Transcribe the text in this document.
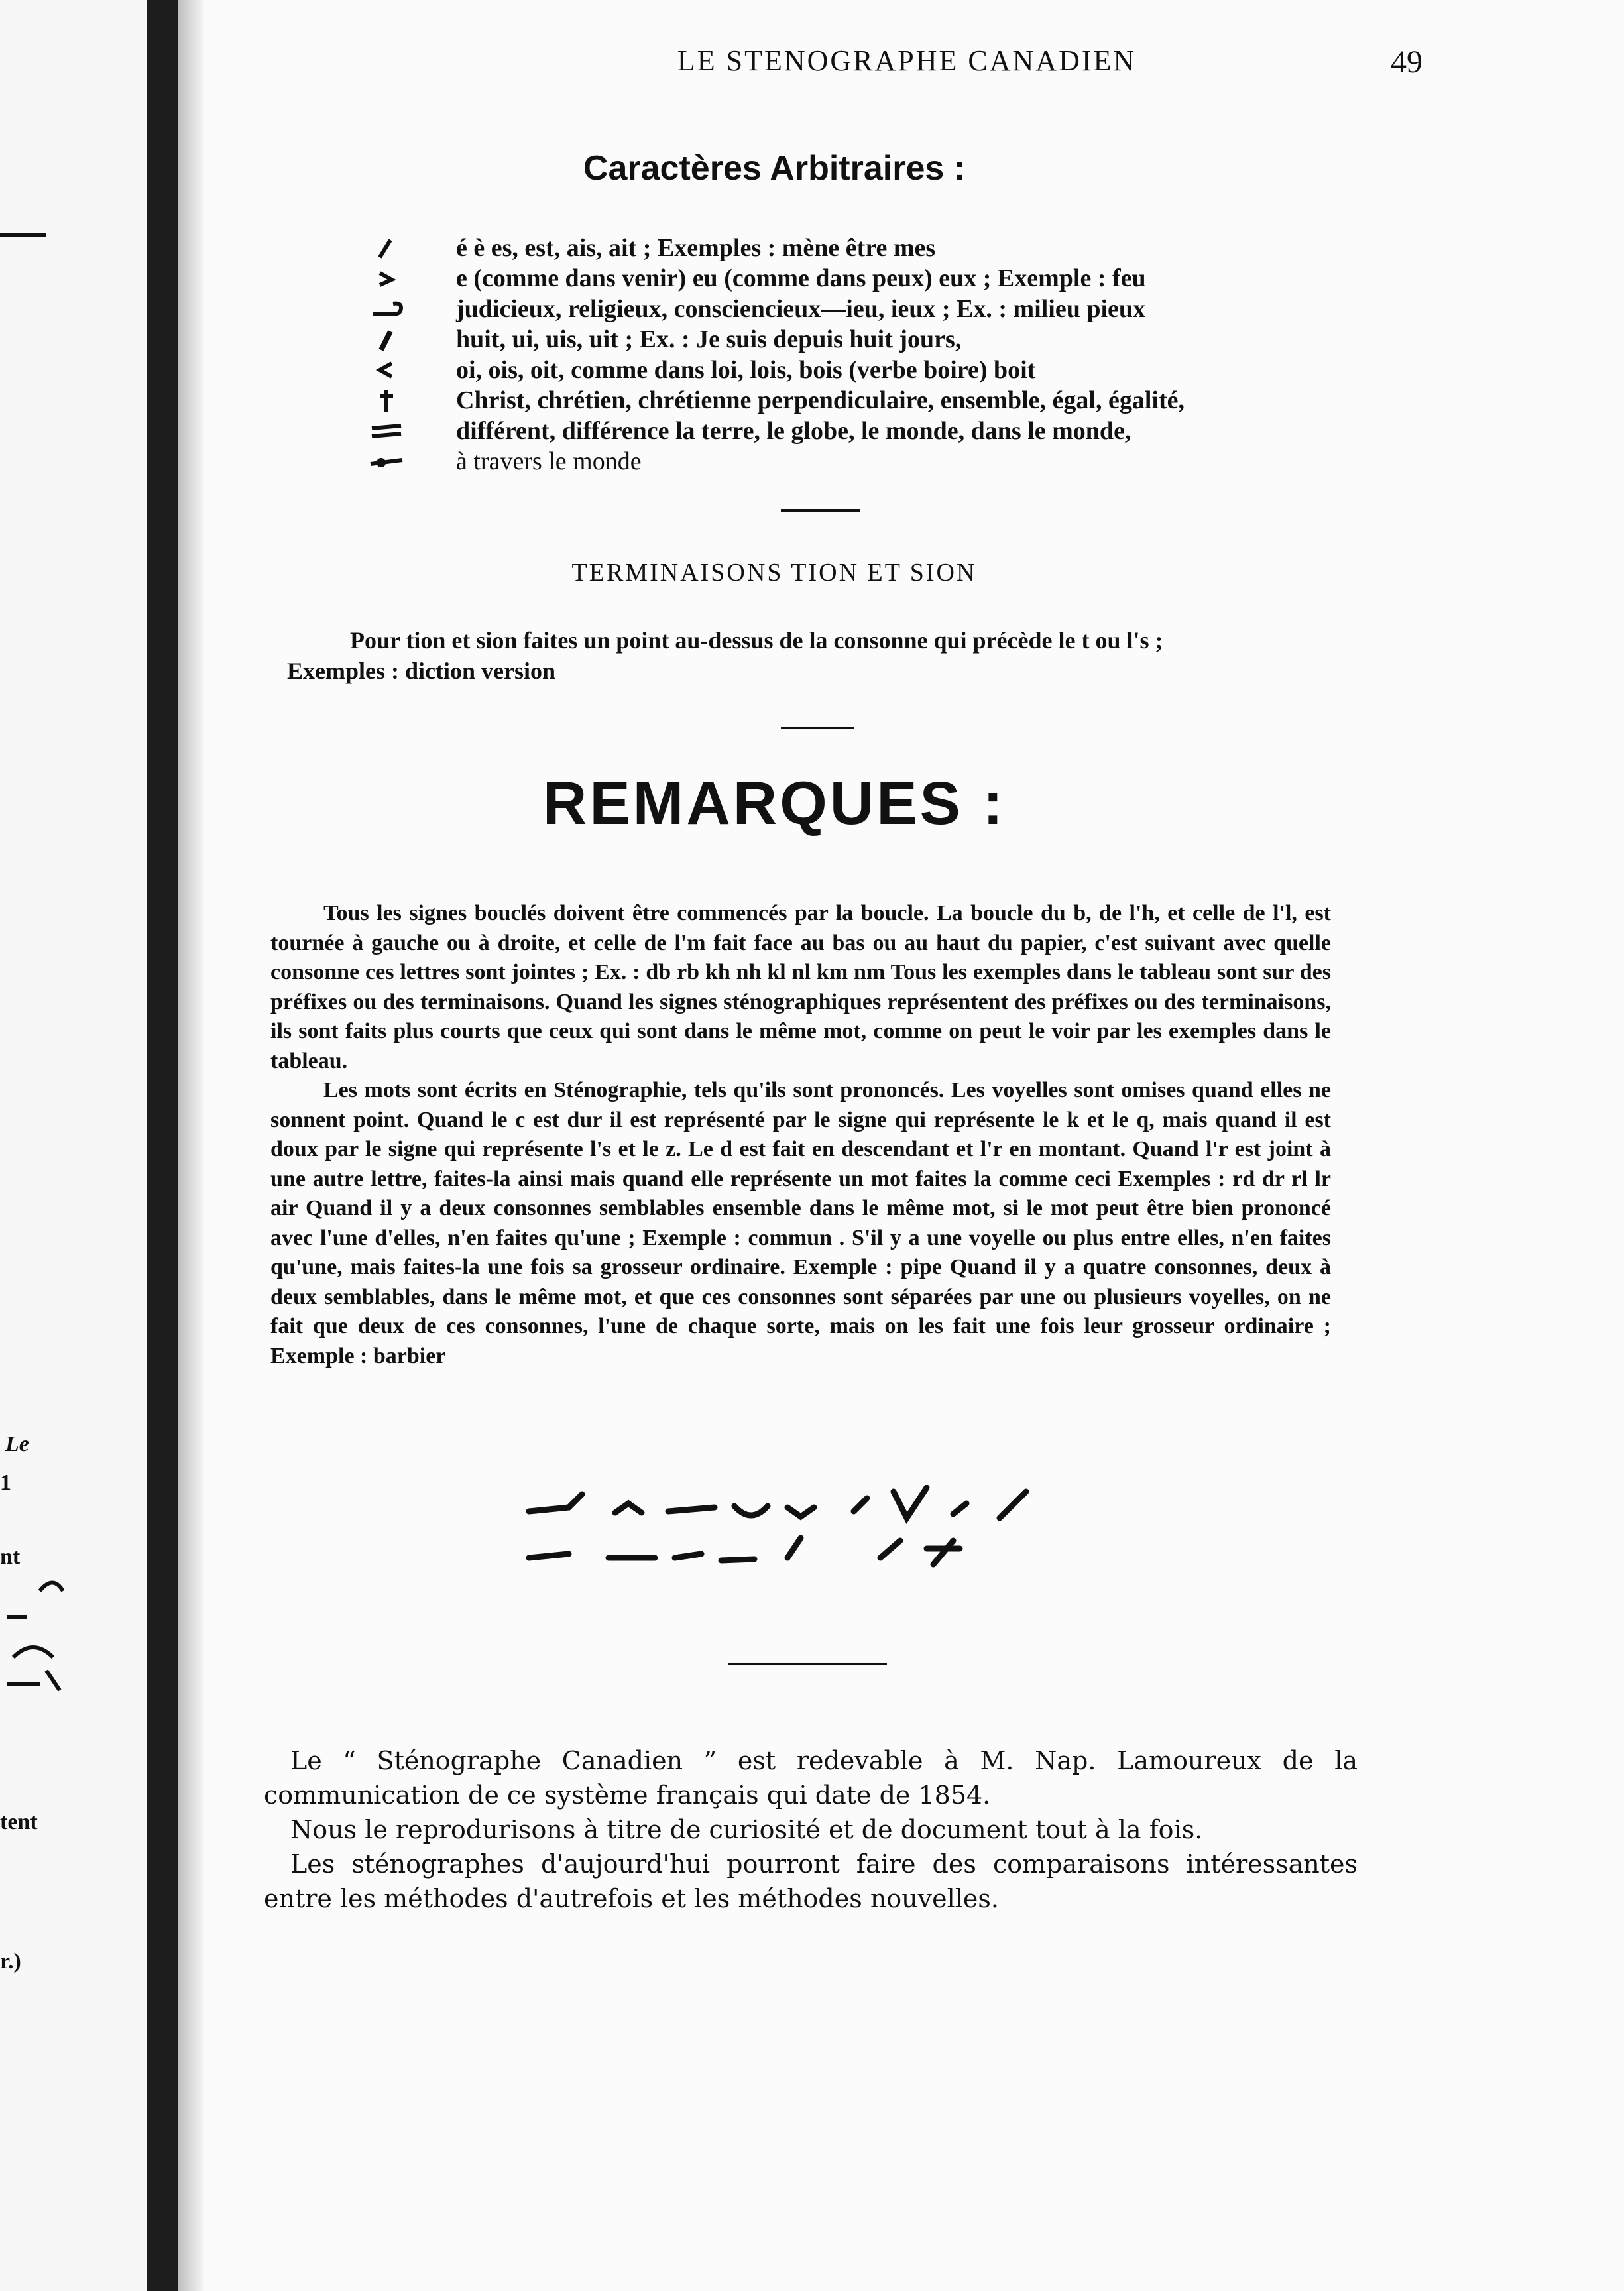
Le
1
nt
tent
r.)
LE STENOGRAPHE CANADIEN	49
Caractères Arbitraires :
é è es, est, ais, ait ; Exemples : mène être mes
e (comme dans venir) eu (comme dans peux) eux ; Exemple : feu
judicieux, religieux, consciencieux—ieu, ieux ; Ex. : milieu pieux
huit, ui, uis, uit ; Ex. : Je suis depuis huit jours,
oi, ois, oit, comme dans loi, lois, bois (verbe boire) boit
Christ, chrétien, chrétienne perpendiculaire, ensemble, égal, égalité,
différent, différence la terre, le globe, le monde, dans le monde,
à travers le monde
TERMINAISONS TION ET SION
Pour tion et sion faites un point au-dessus de la consonne qui précède le t ou l's ;
Exemples : diction version
REMARQUES :

Tous les signes bouclés doivent être commencés par la boucle. La boucle du b, de l'h, et celle de l'l, est tournée à gauche ou à droite, et celle de l'm fait face au bas ou au haut du papier, c'est suivant avec quelle consonne ces lettres sont jointes ; Ex. : db rb kh nh kl nl km nm Tous les exemples dans le tableau sont sur des préfixes ou des terminaisons. Quand les signes sténographiques représentent des préfixes ou des terminaisons, ils sont faits plus courts que ceux qui sont dans le même mot, comme on peut le voir par les exemples dans le tableau.

Les mots sont écrits en Sténographie, tels qu'ils sont prononcés. Les voyelles sont omises quand elles ne sonnent point. Quand le c est dur il est représenté par le signe qui représente le k et le q, mais quand il est doux par le signe qui représente l's et le z. Le d est fait en descendant et l'r en montant. Quand l'r est joint à une autre lettre, faites-la ainsi mais quand elle représente un mot faites la comme ceci Exemples : rd dr rl lr air Quand il y a deux consonnes semblables ensemble dans le même mot, si le mot peut être bien prononcé avec l'une d'elles, n'en faites qu'une ; Exemple : commun . S'il y a une voyelle ou plus entre elles, n'en faites qu'une, mais faites-la une fois sa grosseur ordinaire. Exemple : pipe Quand il y a quatre consonnes, deux à deux semblables, dans le même mot, et que ces consonnes sont séparées par une ou plusieurs voyelles, on ne fait que deux de ces consonnes, l'une de chaque sorte, mais on les fait une fois leur grosseur ordinaire ; Exemple : barbier

Le “ Sténographe Canadien ” est redevable à M. Nap. Lamoureux de la communication de ce système français qui date de 1854.

Nous le reprodurisons à titre de curiosité et de document tout à la fois.

Les sténographes d'aujourd'hui pourront faire des comparaisons intéressantes entre les méthodes d'autrefois et les méthodes nouvelles.
